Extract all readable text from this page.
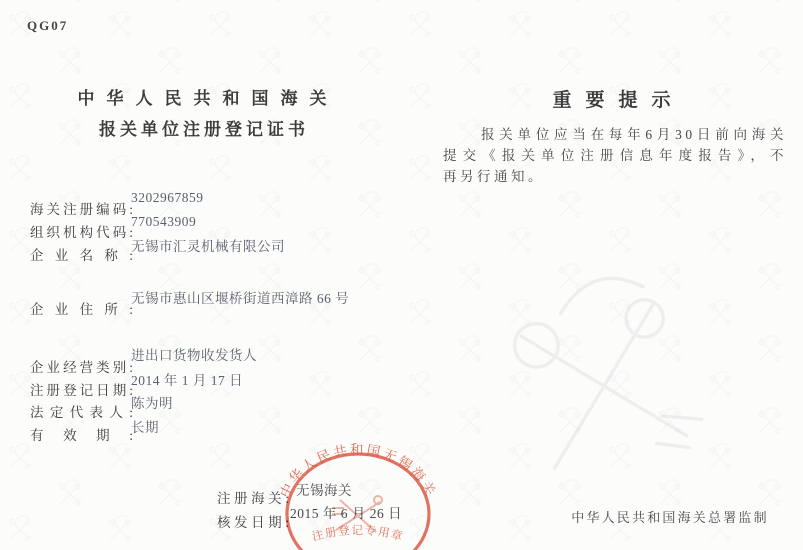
QG07
中华人民共和国海关
报关单位注册登记证书
海关注册编码:
3202967859
组织机构代码:
770543909
企业名称:
无锡市汇灵机械有限公司
企业住所:
无锡市惠山区堰桥街道西漳路 66 号
企业经营类别:
进出口货物收发货人
注册登记日期:
2014 年 1 月 17 日
法定代表人:
陈为明
有效期:
长期
注册海关:
无锡海关
核发日期:
2015 年 6 月 26 日
重要提示
报关单位应当在每年6月30日前向海关
提交《报关单位注册信息年度报告》，不
再另行通知。
中华人民共和国海关总署监制
中华人民共和国无锡海关
注册登记专用章
